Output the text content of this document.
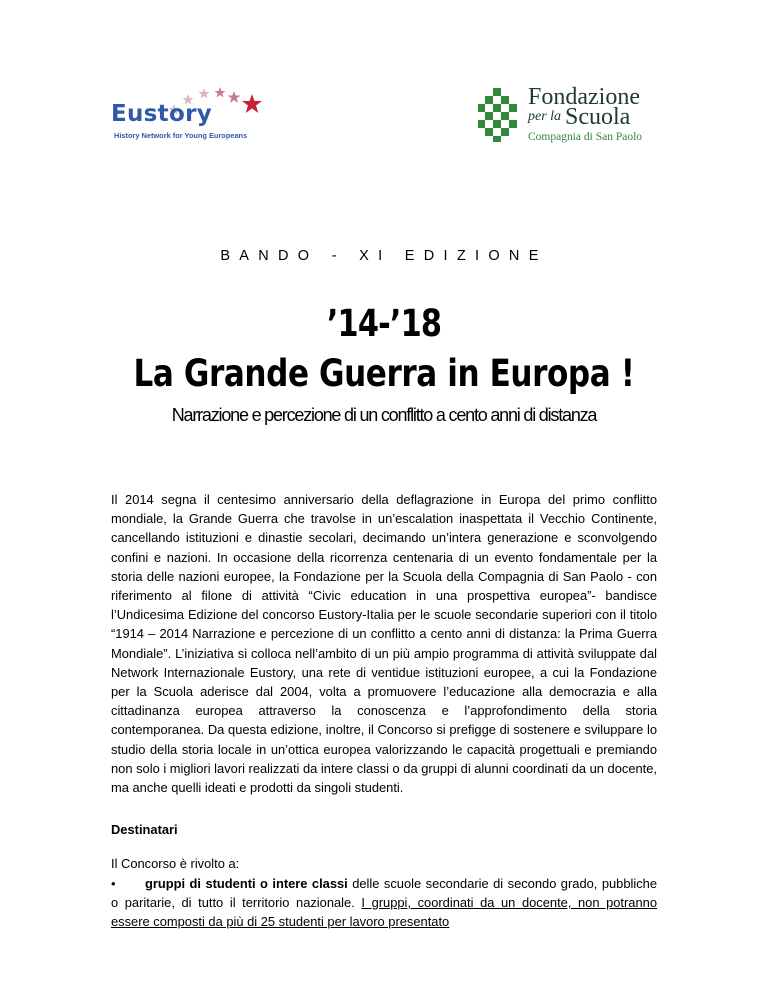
Eustory
History Network for Young Europeans
Fondazione
per la Scuola
Compagnia di San Paolo
BANDO - XI EDIZIONE
’14-’18
La Grande Guerra in Europa !
Narrazione e percezione di un conflitto a cento anni di distanza

Il 2014 segna il centesimo anniversario della deflagrazione in Europa del primo conflitto mondiale, la Grande Guerra che travolse in un’escalation inaspettata il Vecchio Continente, cancellando istituzioni e dinastie secolari, decimando un’intera generazione e sconvolgendo confini e nazioni. In occasione della ricorrenza centenaria di un evento fondamentale per la storia delle nazioni europee, la Fondazione per la Scuola della Compagnia di San Paolo - con riferimento al filone di attività “Civic education in una prospettiva europea”- bandisce l’Undicesima Edizione del concorso Eustory-Italia per le scuole secondarie superiori con il titolo “1914 – 2014 Narrazione e percezione di un conflitto a cento anni di distanza: la Prima Guerra Mondiale”. L’iniziativa si colloca nell’ambito di un più ampio programma di attività sviluppate dal Network Internazionale Eustory, una rete di ventidue istituzioni europee, a cui la Fondazione per la Scuola aderisce dal 2004, volta a promuovere l’educazione alla democrazia e alla cittadinanza europea attraverso la conoscenza e l’approfondimento della storia contemporanea. Da questa edizione, inoltre, il Concorso si prefigge di sostenere e sviluppare lo studio della storia locale in un’ottica europea valorizzando le capacità progettuali e premiando non solo i migliori lavori realizzati da intere classi o da gruppi di alunni coordinati da un docente, ma anche quelli ideati e prodotti da singoli studenti.

Destinatari
Il Concorso è rivolto a:

• gruppi di studenti o intere classi delle scuole secondarie di secondo grado, pubbliche o paritarie, di tutto il territorio nazionale. I gruppi, coordinati da un docente, non potranno essere composti da più di 25 studenti per lavoro presentato
